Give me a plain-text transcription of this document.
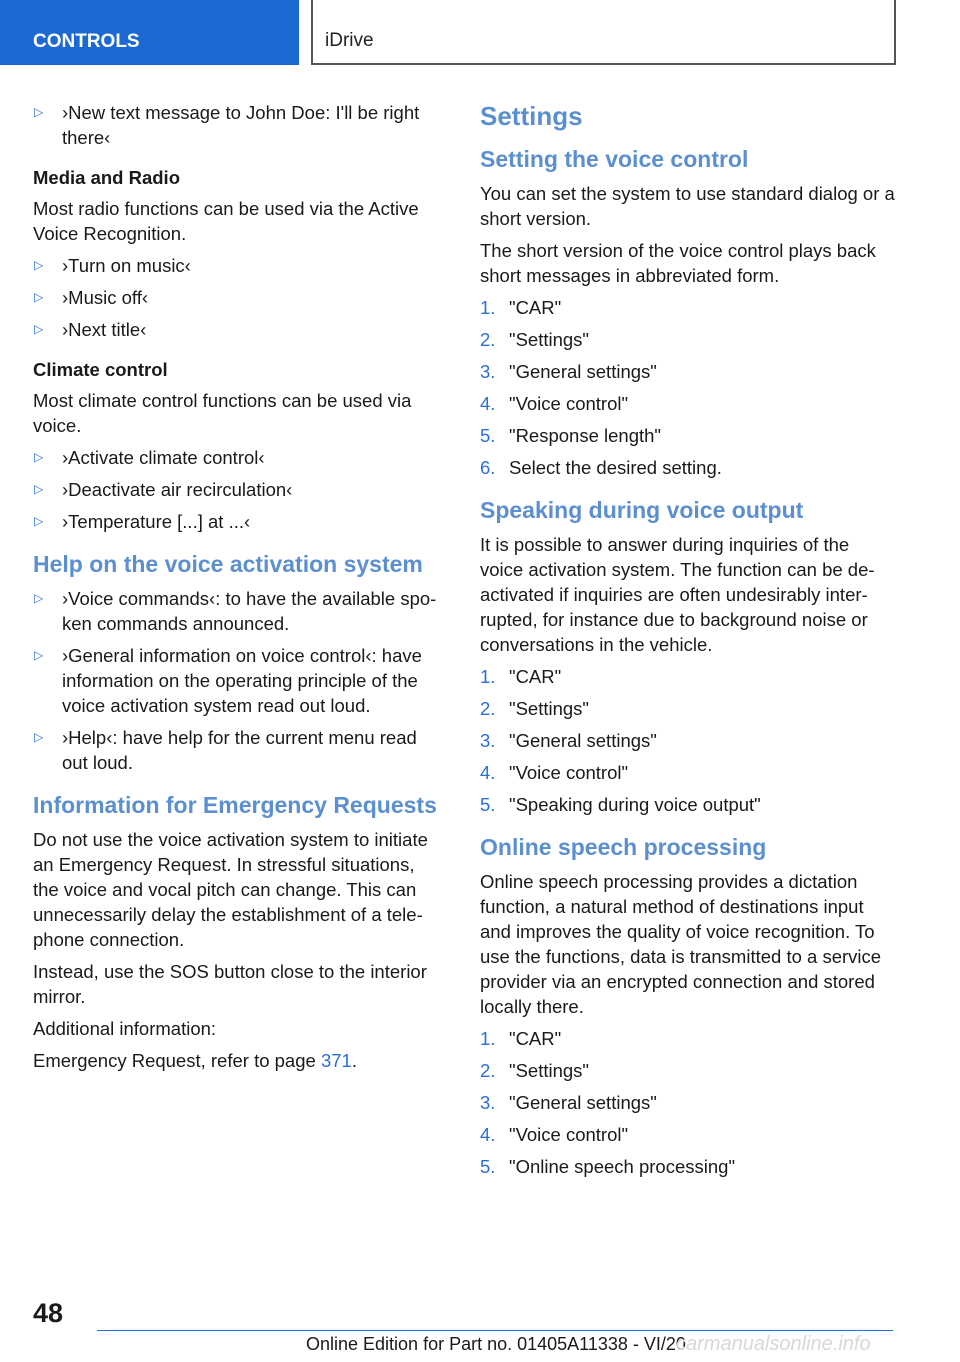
CONTROLS	iDrive
▷ ›New text message to John Doe: I'll be right there‹
Media and Radio

Most radio functions can be used via the Active Voice Recognition.

▷ ›Turn on music‹
▷ ›Music off‹
▷ ›Next title‹
Climate control

Most climate control functions can be used via voice.

▷ ›Activate climate control‹
▷ ›Deactivate air recirculation‹
▷ ›Temperature [...] at ...‹
Help on the voice activation system
▷ ›Voice commands‹: to have the available spoken commands announced.
▷ ›General information on voice control‹: have information on the operating principle of the voice activation system read out loud.
▷ ›Help‹: have help for the current menu read out loud.
Information for Emergency Requests

Do not use the voice activation system to initiate an Emergency Request. In stressful situations, the voice and vocal pitch can change. This can unnecessarily delay the establishment of a telephone connection.

Instead, use the SOS button close to the interior mirror.

Additional information:

Emergency Request, refer to page 371.

Settings
Setting the voice control

You can set the system to use standard dialog or a short version.

The short version of the voice control plays back short messages in abbreviated form.

1. "CAR"
2. "Settings"
3. "General settings"
4. "Voice control"
5. "Response length"
6. Select the desired setting.
Speaking during voice output

It is possible to answer during inquiries of the voice activation system. The function can be deactivated if inquiries are often undesirably interrupted, for instance due to background noise or conversations in the vehicle.

1. "CAR"
2. "Settings"
3. "General settings"
4. "Voice control"
5. "Speaking during voice output"
Online speech processing

Online speech processing provides a dictation function, a natural method of destinations input and improves the quality of voice recognition. To use the functions, data is transmitted to a service provider via an encrypted connection and stored locally there.

1. "CAR"
2. "Settings"
3. "General settings"
4. "Voice control"
5. "Online speech processing"
48
Online Edition for Part no. 01405A11338 - VI/20
carmanualsonline.info
